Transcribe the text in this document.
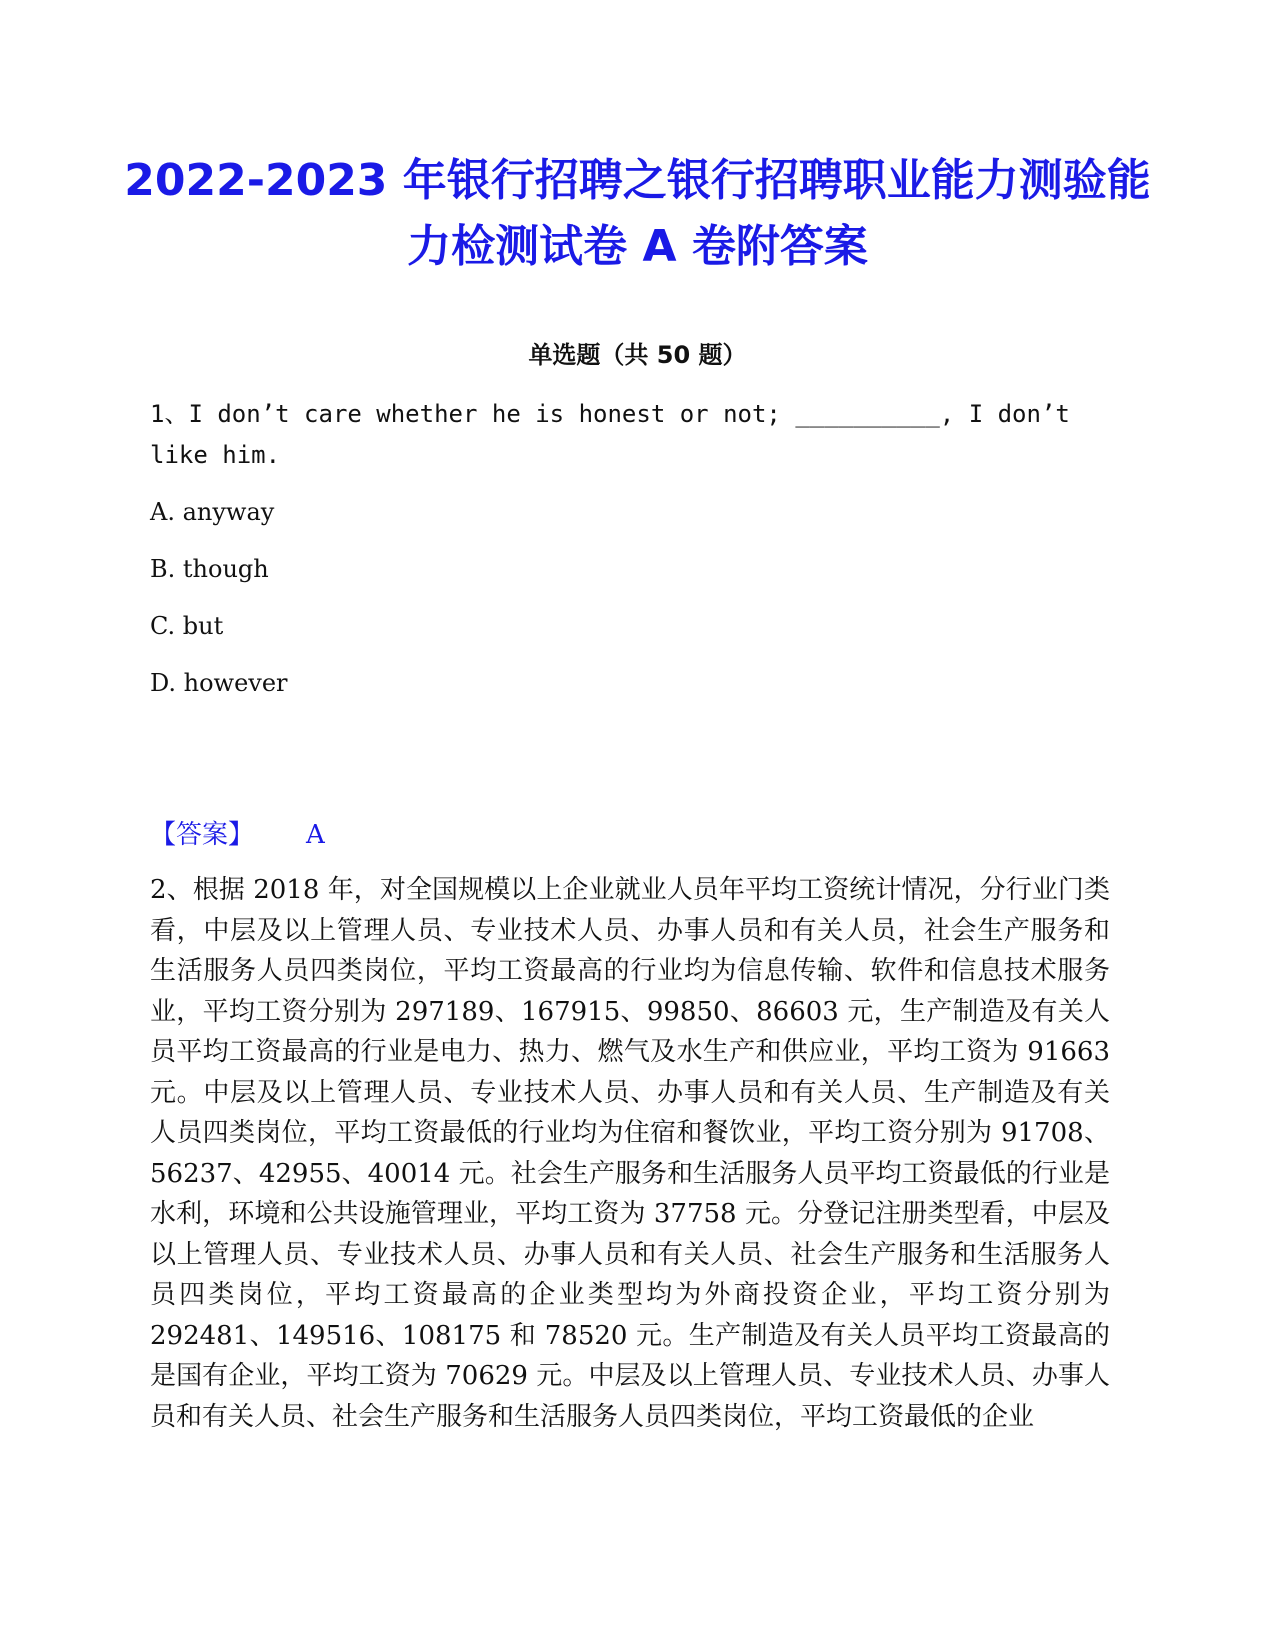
2022-2023 年银行招聘之银行招聘职业能力测验能力检测试卷 A 卷附答案
单选题（共 50 题）
1、I don’t care whether he is honest or not; __________, I don’t like him.
A. anyway
B. though
C. but
D. however
【答案】 A
2、根据 2018 年，对全国规模以上企业就业人员年平均工资统计情况，分行业门类看，中层及以上管理人员、专业技术人员、办事人员和有关人员，社会生产服务和生活服务人员四类岗位，平均工资最高的行业均为信息传输、软件和信息技术服务业，平均工资分别为 297189、167915、99850、86603 元，生产制造及有关人员平均工资最高的行业是电力、热力、燃气及水生产和供应业，平均工资为 91663 元。中层及以上管理人员、专业技术人员、办事人员和有关人员、生产制造及有关人员四类岗位，平均工资最低的行业均为住宿和餐饮业，平均工资分别为 91708、56237、42955、40014 元。社会生产服务和生活服务人员平均工资最低的行业是水利，环境和公共设施管理业，平均工资为 37758 元。分登记注册类型看，中层及以上管理人员、专业技术人员、办事人员和有关人员、社会生产服务和生活服务人员四类岗位，平均工资最高的企业类型均为外商投资企业，平均工资分别为 292481、149516、108175 和 78520 元。生产制造及有关人员平均工资最高的是国有企业，平均工资为 70629 元。中层及以上管理人员、专业技术人员、办事人员和有关人员、社会生产服务和生活服务人员四类岗位，平均工资最低的企业
